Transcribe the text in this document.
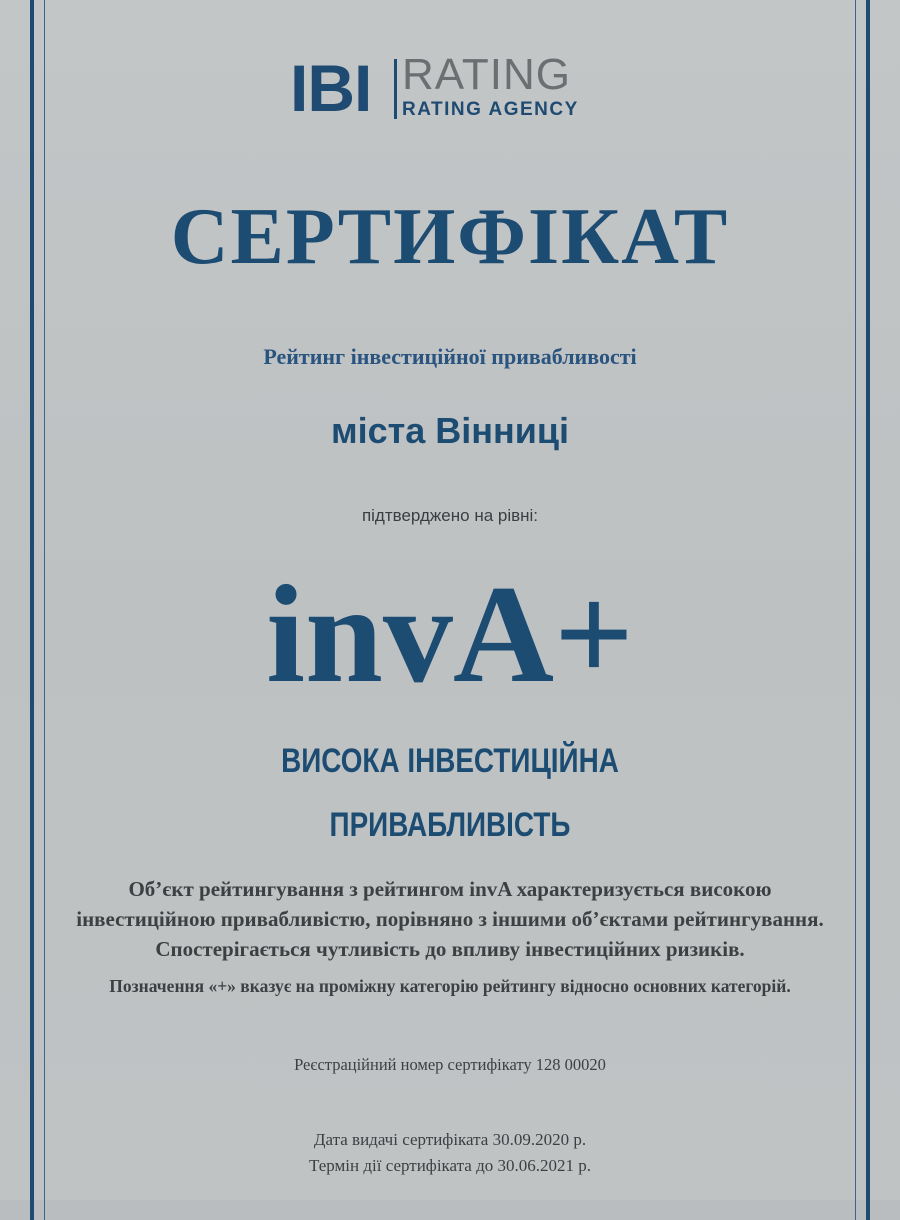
IBI RATING
RATING AGENCY
СЕРТИФІКАТ
Рейтинг інвестиційної привабливості
міста Вінниці
підтверджено на рівні:
invA+
ВИСОКА ІНВЕСТИЦІЙНА
ПРИВАБЛИВІСТЬ
Об’єкт рейтингування з рейтингом invA характеризується високою
інвестиційною привабливістю, порівняно з іншими об’єктами рейтингування.
Спостерігається чутливість до впливу інвестиційних ризиків.
Позначення «+» вказує на проміжну категорію рейтингу відносно основних категорій.
Реєстраційний номер сертифікату 128 00020
Дата видачі сертифіката 30.09.2020 р.
Термін дії сертифіката до 30.06.2021 р.
